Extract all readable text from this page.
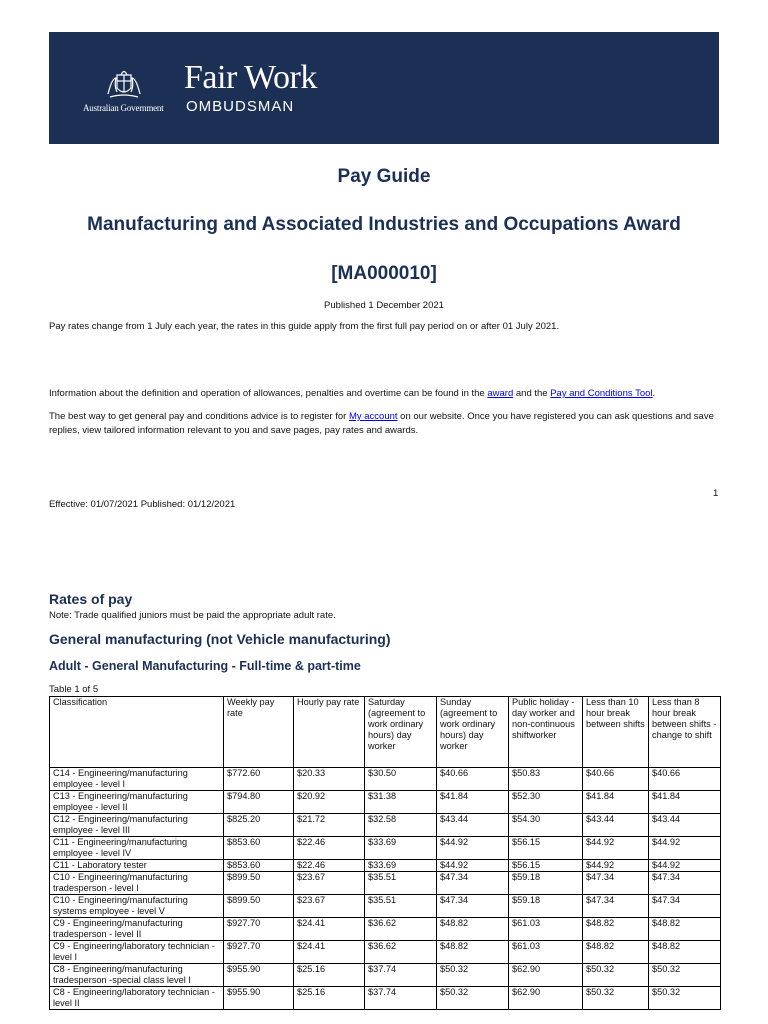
Australian Government
Fair Work
OMBUDSMAN
Pay Guide
Manufacturing and Associated Industries and Occupations Award
[MA000010]
Published 1 December 2021
Pay rates change from 1 July each year, the rates in this guide apply from the first full pay period on or after 01 July 2021.
Information about the definition and operation of allowances, penalties and overtime can be found in the award and the Pay and Conditions Tool.
The best way to get general pay and conditions advice is to register for My account on our website. Once you have registered you can ask questions and save replies, view tailored information relevant to you and save pages, pay rates and awards.
1
Effective: 01/07/2021 Published: 01/12/2021
Rates of pay
Note: Trade qualified juniors must be paid the appropriate adult rate.
General manufacturing (not Vehicle manufacturing)
Adult - General Manufacturing - Full-time & part-time
Table 1 of 5
Classification	Weekly pay rate	Hourly pay rate	Saturday (agreement to work ordinary hours) day worker	Sunday (agreement to work ordinary hours) day worker	Public holiday - day worker and non-continuous shiftworker	Less than 10 hour break between shifts	Less than 8 hour break between shifts - change to shift
C14 - Engineering/manufacturing employee - level I	$772.60	$20.33	$30.50	$40.66	$50.83	$40.66	$40.66
C13 - Engineering/manufacturing employee - level II	$794.80	$20.92	$31.38	$41.84	$52.30	$41.84	$41.84
C12 - Engineering/manufacturing employee - level III	$825.20	$21.72	$32.58	$43.44	$54.30	$43.44	$43.44
C11 - Engineering/manufacturing employee - level IV	$853.60	$22.46	$33.69	$44.92	$56.15	$44.92	$44.92
C11 - Laboratory tester	$853.60	$22.46	$33.69	$44.92	$56.15	$44.92	$44.92
C10 - Engineering/manufacturing tradesperson - level I	$899.50	$23.67	$35.51	$47.34	$59.18	$47.34	$47.34
C10 - Engineering/manufacturing systems employee - level V	$899.50	$23.67	$35.51	$47.34	$59.18	$47.34	$47.34
C9 - Engineering/manufacturing tradesperson - level II	$927.70	$24.41	$36.62	$48.82	$61.03	$48.82	$48.82
C9 - Engineering/laboratory technician - level I	$927.70	$24.41	$36.62	$48.82	$61.03	$48.82	$48.82
C8 - Engineering/manufacturing tradesperson -special class level I	$955.90	$25.16	$37.74	$50.32	$62.90	$50.32	$50.32
C8 - Engineering/laboratory technician - level II	$955.90	$25.16	$37.74	$50.32	$62.90	$50.32	$50.32
